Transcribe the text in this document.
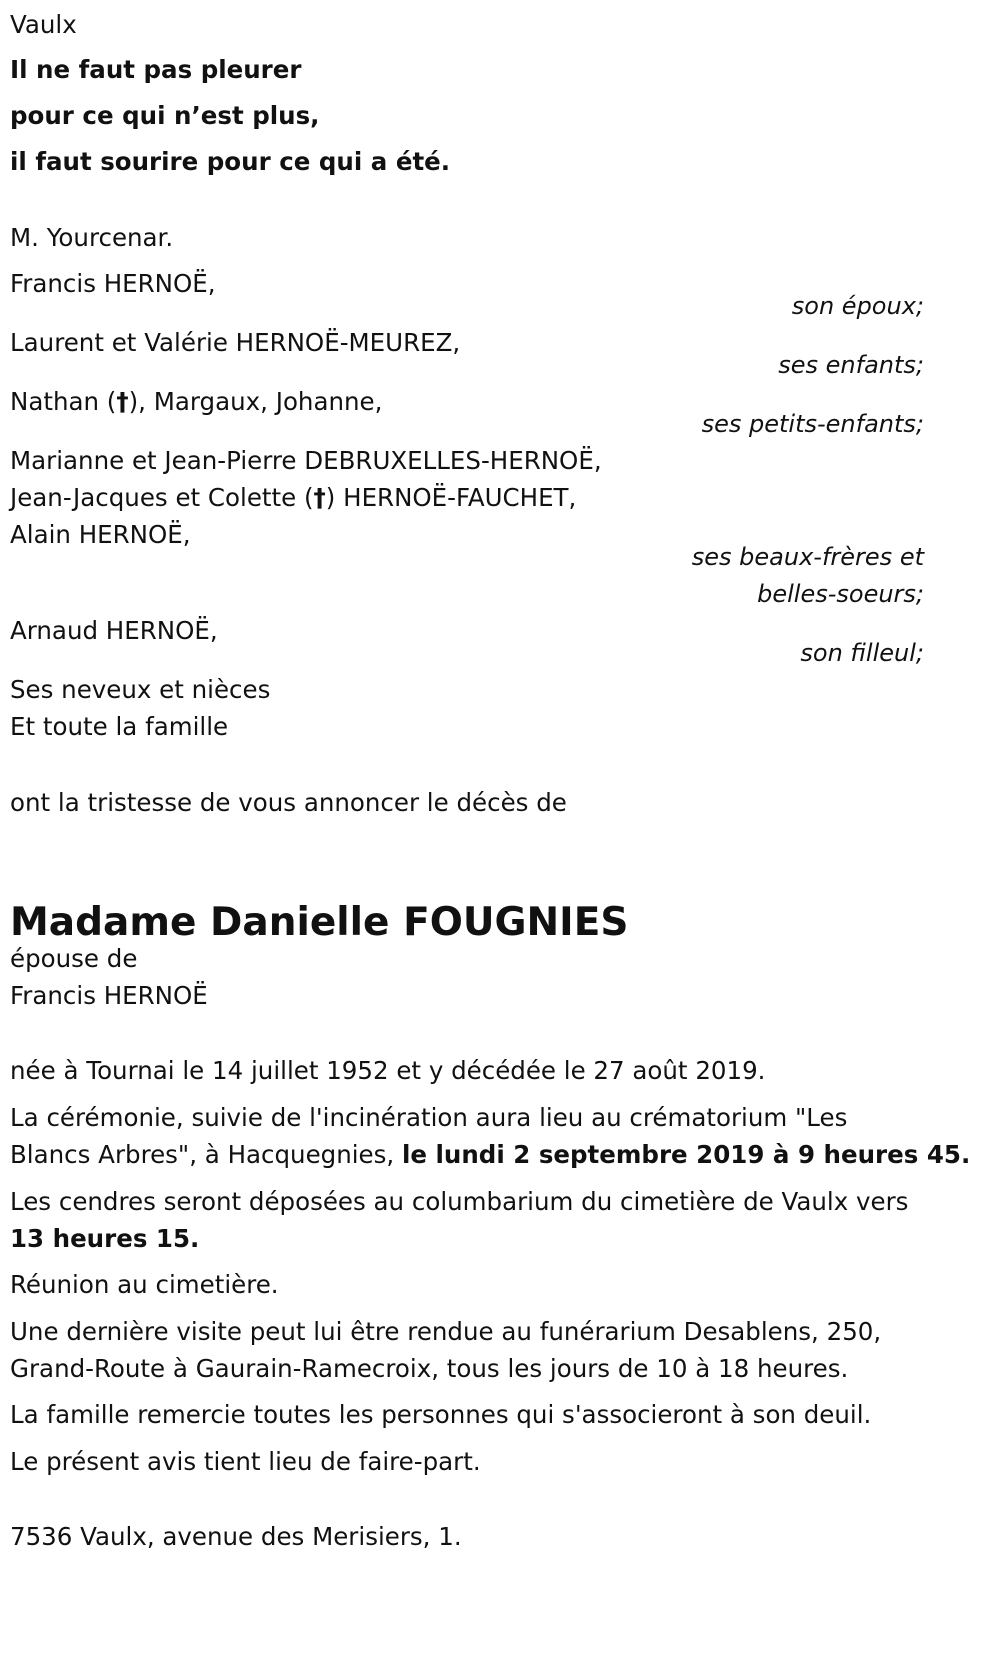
Vaulx
Il ne faut pas pleurer
pour ce qui n’est plus,
il faut sourire pour ce qui a été.
M. Yourcenar.
Francis HERNOË,
son époux;
Laurent et Valérie HERNOË-MEUREZ,
ses enfants;
Nathan (†), Margaux, Johanne,
ses petits-enfants;
Marianne et Jean-Pierre DEBRUXELLES-HERNOË,
Jean-Jacques et Colette (†) HERNOË-FAUCHET,
Alain HERNOË,
ses beaux-frères et
belles-soeurs;
Arnaud HERNOË,
son filleul;
Ses neveux et nièces
Et toute la famille
ont la tristesse de vous annoncer le décès de
Madame Danielle FOUGNIES
épouse de
Francis HERNOË
née à Tournai le 14 juillet 1952 et y décédée le 27 août 2019.
La cérémonie, suivie de l'incinération aura lieu au crématorium "Les
Blancs Arbres", à Hacquegnies, le lundi 2 septembre 2019 à 9 heures 45.
Les cendres seront déposées au columbarium du cimetière de Vaulx vers
13 heures 15.
Réunion au cimetière.
Une dernière visite peut lui être rendue au funérarium Desablens, 250,
Grand-Route à Gaurain-Ramecroix, tous les jours de 10 à 18 heures.
La famille remercie toutes les personnes qui s'associeront à son deuil.
Le présent avis tient lieu de faire-part.
7536 Vaulx, avenue des Merisiers, 1.
